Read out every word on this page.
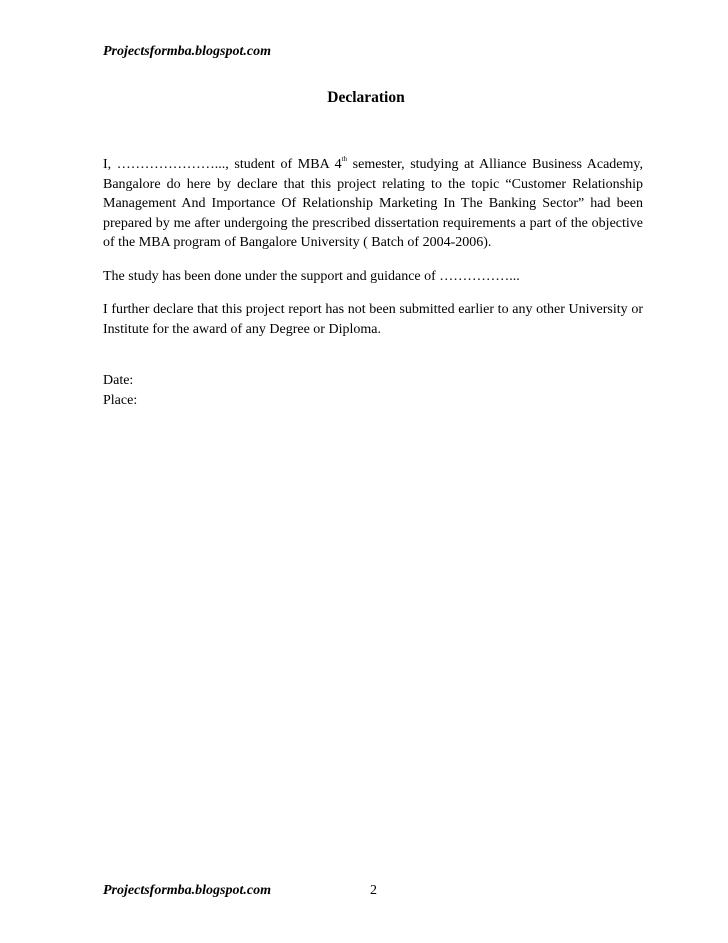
Projectsformba.blogspot.com
Declaration

I, …………………..., student of MBA 4th semester, studying at Alliance Business Academy, Bangalore do here by declare that this project relating to the topic “Customer Relationship Management And Importance Of Relationship Marketing In The Banking Sector” had been prepared by me after undergoing the prescribed dissertation requirements a part of the objective of the MBA program of Bangalore University ( Batch of 2004-2006).

The study has been done under the support and guidance of ……………...

I further declare that this project report has not been submitted earlier to any other University or Institute for the award of any Degree or Diploma.

Date:
Place:
Projectsformba.blogspot.com	2
